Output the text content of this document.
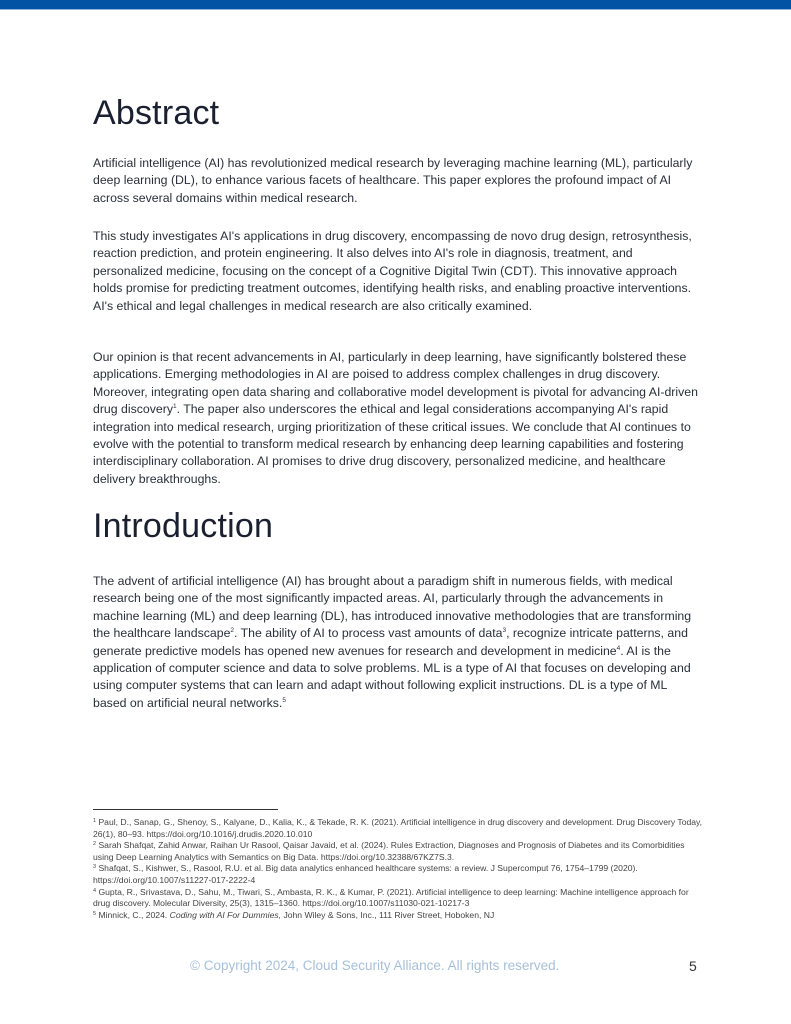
Abstract

Artificial intelligence (AI) has revolutionized medical research by leveraging machine learning (ML), particularly deep learning (DL), to enhance various facets of healthcare. This paper explores the profound impact of AI across several domains within medical research.

This study investigates AI's applications in drug discovery, encompassing de novo drug design, retrosynthesis, reaction prediction, and protein engineering. It also delves into AI's role in diagnosis, treatment, and personalized medicine, focusing on the concept of a Cognitive Digital Twin (CDT). This innovative approach holds promise for predicting treatment outcomes, identifying health risks, and enabling proactive interventions. AI's ethical and legal challenges in medical research are also critically examined.

Our opinion is that recent advancements in AI, particularly in deep learning, have significantly bolstered these applications. Emerging methodologies in AI are poised to address complex challenges in drug discovery. Moreover, integrating open data sharing and collaborative model development is pivotal for advancing AI-driven drug discovery$^1$. The paper also underscores the ethical and legal considerations accompanying AI's rapid integration into medical research, urging prioritization of these critical issues. We conclude that AI continues to evolve with the potential to transform medical research by enhancing deep learning capabilities and fostering interdisciplinary collaboration. AI promises to drive drug discovery, personalized medicine, and healthcare delivery breakthroughs.

Introduction

The advent of artificial intelligence (AI) has brought about a paradigm shift in numerous fields, with medical research being one of the most significantly impacted areas. AI, particularly through the advancements in machine learning (ML) and deep learning (DL), has introduced innovative methodologies that are transforming the healthcare landscape$^2$. The ability of AI to process vast amounts of data$^3$, recognize intricate patterns, and generate predictive models has opened new avenues for research and development in medicine$^4$. AI is the application of computer science and data to solve problems. ML is a type of AI that focuses on developing and using computer systems that can learn and adapt without following explicit instructions. DL is a type of ML based on artificial neural networks.$^5$

$^1$ Paul, D., Sanap, G., Shenoy, S., Kalyane, D., Kalia, K., & Tekade, R. K. (2021). Artificial intelligence in drug discovery and development. Drug Discovery Today, 26(1), 80–93. https://doi.org/10.1016/j.drudis.2020.10.010
$^2$ Sarah Shafqat, Zahid Anwar, Raihan Ur Rasool, Qaisar Javaid, et al. (2024). Rules Extraction, Diagnoses and Prognosis of Diabetes and its Comorbidities using Deep Learning Analytics with Semantics on Big Data. https://doi.org/10.32388/67KZ7S.3.
$^3$ Shafqat, S., Kishwer, S., Rasool, R.U. et al. Big data analytics enhanced healthcare systems: a review. J Supercomput 76, 1754–1799 (2020). https://doi.org/10.1007/s11227-017-2222-4
$^4$ Gupta, R., Srivastava, D., Sahu, M., Tiwari, S., Ambasta, R. K., & Kumar, P. (2021). Artificial intelligence to deep learning: Machine intelligence approach for drug discovery. Molecular Diversity, 25(3), 1315–1360. https://doi.org/10.1007/s11030-021-10217-3
$^5$ Minnick, C., 2024. Coding with AI For Dummies, John Wiley & Sons, Inc., 111 River Street, Hoboken, NJ
© Copyright 2024, Cloud Security Alliance. All rights reserved.	5
